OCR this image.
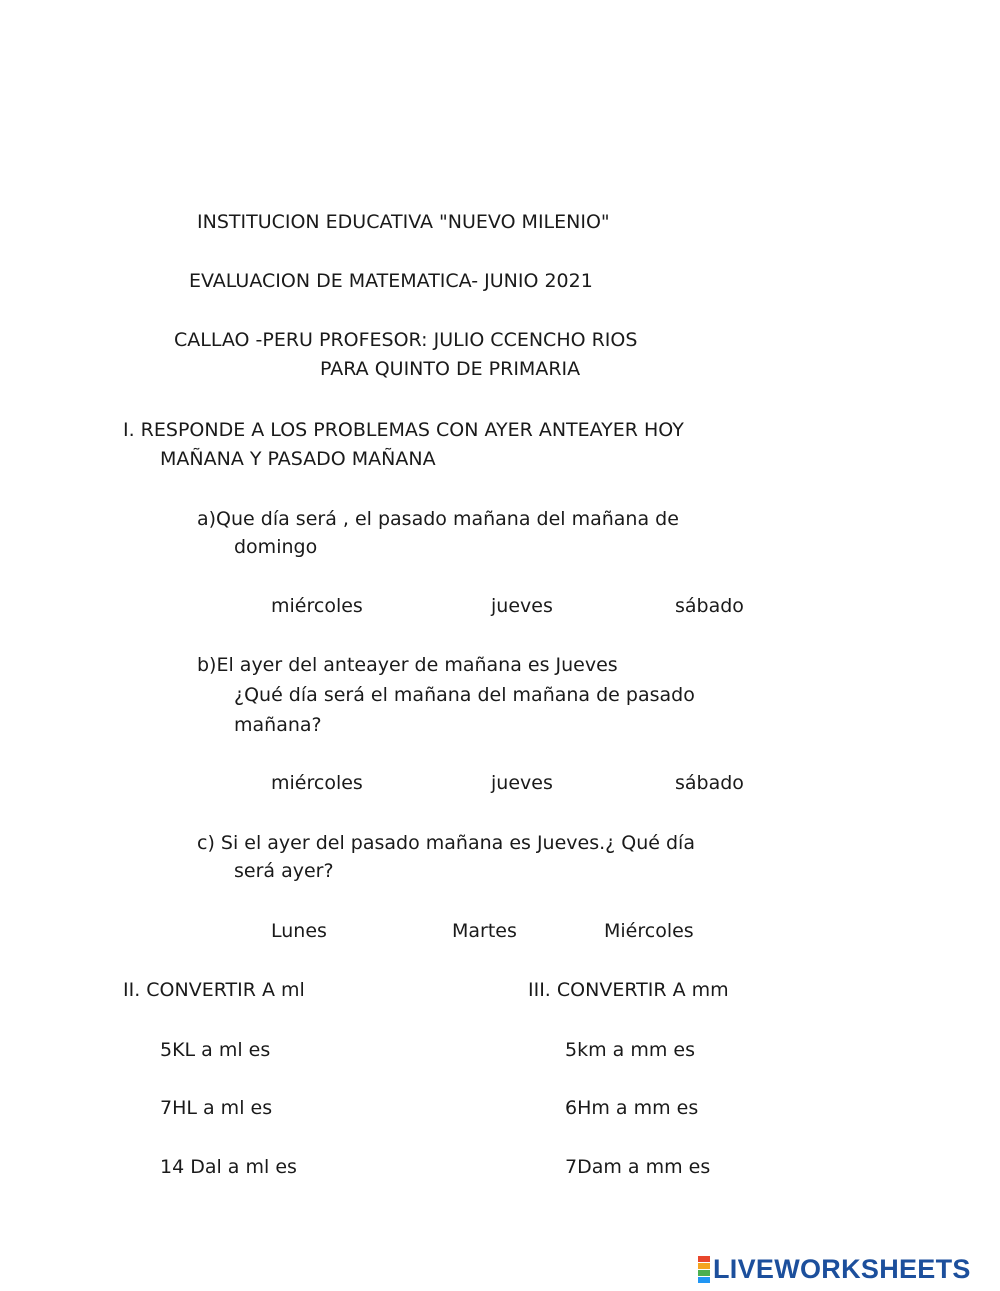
INSTITUCION EDUCATIVA "NUEVO MILENIO"
EVALUACION DE MATEMATICA- JUNIO 2021
CALLAO -PERU PROFESOR: JULIO CCENCHO RIOS
PARA QUINTO DE PRIMARIA
I. RESPONDE A LOS PROBLEMAS CON AYER ANTEAYER HOY
MAÑANA Y PASADO MAÑANA
a)Que día será , el pasado mañana del mañana de
domingo
miércoles	jueves	sábado
b)El ayer del anteayer de mañana es Jueves
¿Qué día será el mañana del mañana de pasado
mañana?
miércoles	jueves	sábado
c) Si el ayer del pasado mañana es Jueves.¿ Qué día
será ayer?
Lunes	Martes	Miércoles
II. CONVERTIR A ml
5KL a ml es
7HL a ml es
14 Dal a ml es
III. CONVERTIR A mm
5km a mm es
6Hm a mm es
7Dam a mm es
LIVEWORKSHEETS
